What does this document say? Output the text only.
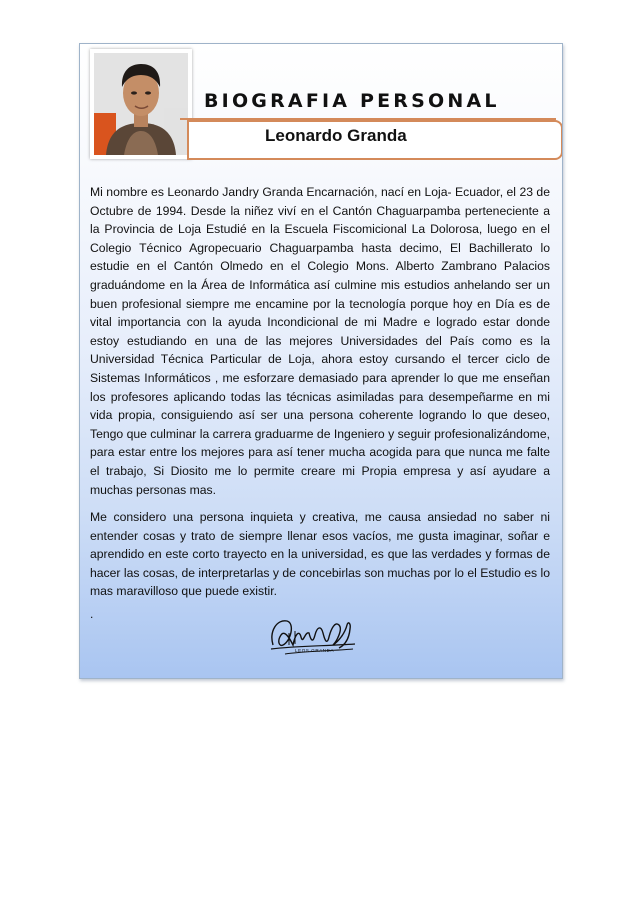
BIOGRAFIA PERSONAL
Leonardo Granda

Mi nombre es Leonardo Jandry Granda Encarnación, nací en Loja- Ecuador, el 23 de Octubre de 1994. Desde la niñez viví en el Cantón Chaguarpamba perteneciente a la Provincia de Loja Estudié en la Escuela Fiscomicional La Dolorosa, luego en el Colegio Técnico Agropecuario Chaguarpamba hasta decimo, El Bachillerato lo estudie en el Cantón Olmedo en el Colegio Mons. Alberto Zambrano Palacios graduándome en la Área de Informática así culmine mis estudios anhelando ser un buen profesional siempre me encamine por la tecnología porque hoy en Día es de vital importancia con la ayuda Incondicional de mi Madre e logrado estar donde estoy estudiando en una de las mejores Universidades del País como es la Universidad Técnica Particular de Loja, ahora estoy cursando el tercer ciclo de Sistemas Informáticos , me esforzare demasiado para aprender lo que me enseñan los profesores aplicando todas las técnicas asimiladas para desempeñarme en mi vida propia, consiguiendo así ser una persona coherente logrando lo que deseo, Tengo que culminar la carrera graduarme de Ingeniero y seguir profesionalizándome, para estar entre los mejores para así tener mucha acogida para que nunca me falte el trabajo, Si Diosito me lo permite creare mi Propia empresa y así ayudare a muchas personas mas.

Me considero una persona inquieta y creativa, me causa ansiedad no saber ni entender cosas y trato de siempre llenar esos vacíos, me gusta imaginar, soñar e aprendido en este corto trayecto en la universidad, es que las verdades y formas de hacer las cosas, de interpretarlas y de concebirlas son muchas por lo el Estudio es lo mas maravilloso que puede existir.

.
LEOS GRANDA
